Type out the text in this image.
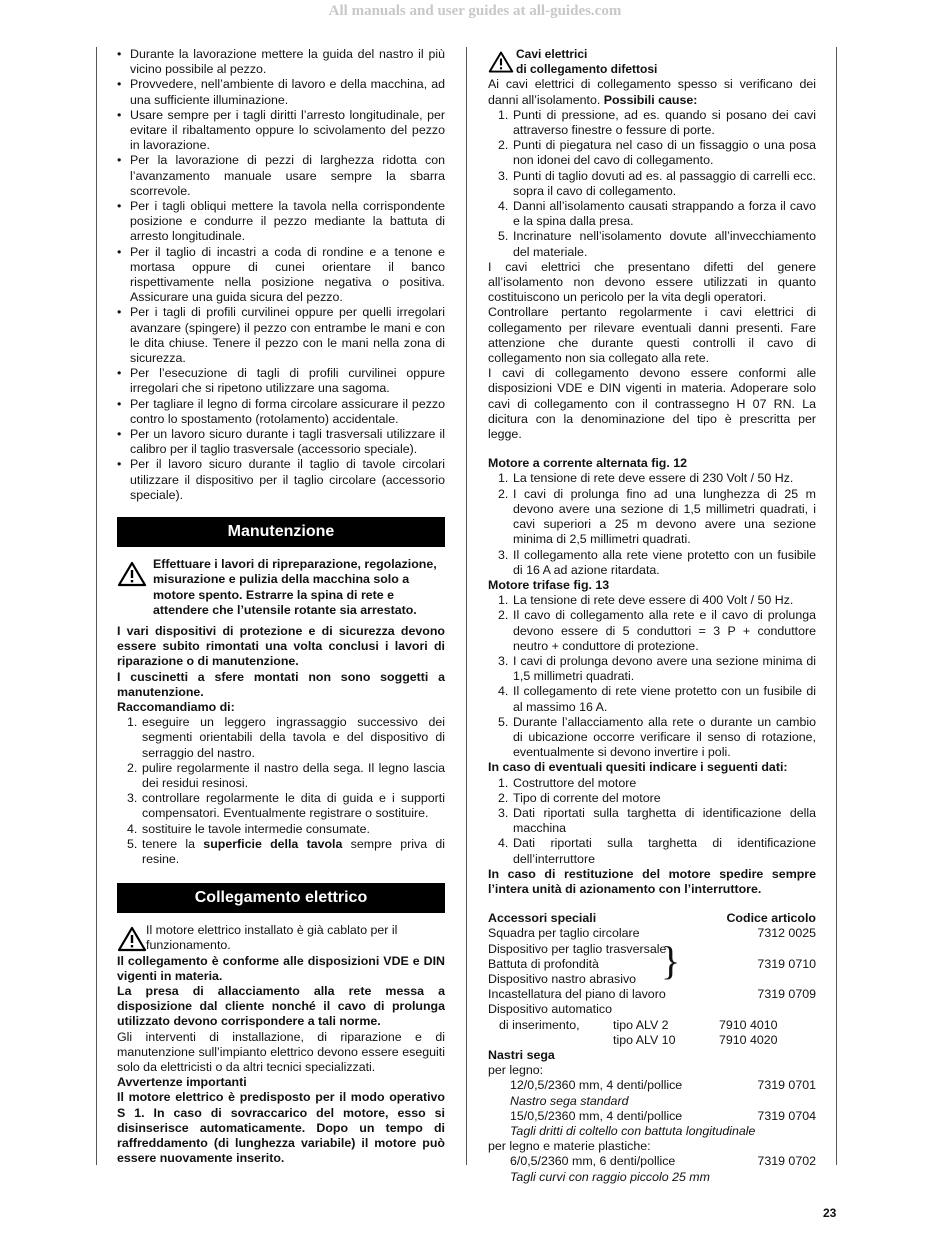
All manuals and user guides at all-guides.com
• Durante la lavorazione mettere la guida del nastro il più vicino possibile al pezzo.
• Provvedere, nell’ambiente di lavoro e della macchina, ad una sufficiente illuminazione.
• Usare sempre per i tagli diritti l’arresto longitudinale, per evitare il ribaltamento oppure lo scivolamento del pezzo in lavorazione.
• Per la lavorazione di pezzi di larghezza ridotta con l’avanzamento manuale usare sempre la sbarra scorrevole.
• Per i tagli obliqui mettere la tavola nella corrispondente posizione e condurre il pezzo mediante la battuta di arresto longitudinale.
• Per il taglio di incastri a coda di rondine e a tenone e mortasa oppure di cunei orientare il banco rispettivamente nella posizione negativa o positiva. Assicurare una guida sicura del pezzo.
• Per i tagli di profili curvilinei oppure per quelli irregolari avanzare (spingere) il pezzo con entrambe le mani e con le dita chiuse. Tenere il pezzo con le mani nella zona di sicurezza.
• Per l’esecuzione di tagli di profili curvilinei oppure irregolari che si ripetono utilizzare una sagoma.
• Per tagliare il legno di forma circolare assicurare il pezzo contro lo spostamento (rotolamento) accidentale.
• Per un lavoro sicuro durante i tagli trasversali utilizzare il calibro per il taglio trasversale (accessorio speciale).
• Per il lavoro sicuro durante il taglio di tavole circolari utilizzare il dispositivo per il taglio circolare (accessorio speciale).
Manutenzione
Effettuare i lavori di ripreparazione, regolazione, misurazione e pulizia della macchina solo a motore spento. Estrarre la spina di rete e attendere che l’utensile rotante sia arrestato.

I vari dispositivi di protezione e di sicurezza devono essere subito rimontati una volta conclusi i lavori di riparazione o di manutenzione.

I cuscinetti a sfere montati non sono soggetti a manutenzione.

Raccomandiamo di:

1. eseguire un leggero ingrassaggio successivo dei segmenti orientabili della tavola e del dispositivo di serraggio del nastro.
2. pulire regolarmente il nastro della sega. Il legno lascia dei residui resinosi.
3. controllare regolarmente le dita di guida e i supporti compensatori. Eventualmente registrare o sostituire.
4. sostituire le tavole intermedie consumate.
5. tenere la superficie della tavola sempre priva di resine.
Collegamento elettrico
Il motore elettrico installato è già cablato per il funzionamento.

Il collegamento è conforme alle disposizioni VDE e DIN vigenti in materia.

La presa di allacciamento alla rete messa a disposizione dal cliente nonché il cavo di prolunga utilizzato devono corrispondere a tali norme.

Gli interventi di installazione, di riparazione e di manutenzione sull’impianto elettrico devono essere eseguiti solo da elettricisti o da altri tecnici specializzati.

Avvertenze importanti

Il motore elettrico è predisposto per il modo operativo S 1. In caso di sovraccarico del motore, esso si disinserisce automaticamente. Dopo un tempo di raffreddamento (di lunghezza variabile) il motore può essere nuovamente inserito.

Cavi elettrici
di collegamento difettosi

Ai cavi elettrici di collegamento spesso si verificano dei danni all’isolamento. Possibili cause:

1. Punti di pressione, ad es. quando si posano dei cavi attraverso finestre o fessure di porte.
2. Punti di piegatura nel caso di un fissaggio o una posa non idonei del cavo di collegamento.
3. Punti di taglio dovuti ad es. al passaggio di carrelli ecc. sopra il cavo di collegamento.
4. Danni all’isolamento causati strappando a forza il cavo e la spina dalla presa.
5. Incrinature nell’isolamento dovute all’invecchiamento del materiale.

I cavi elettrici che presentano difetti del genere all’isolamento non devono essere utilizzati in quanto costituiscono un pericolo per la vita degli operatori.

Controllare pertanto regolarmente i cavi elettrici di collegamento per rilevare eventuali danni presenti. Fare attenzione che durante questi controlli il cavo di collegamento non sia collegato alla rete.

I cavi di collegamento devono essere conformi alle disposizioni VDE e DIN vigenti in materia. Adoperare solo cavi di collegamento con il contrassegno H 07 RN. La dicitura con la denominazione del tipo è prescritta per legge.

Motore a corrente alternata fig. 12

1. La tensione di rete deve essere di 230 Volt / 50 Hz.
2. I cavi di prolunga fino ad una lunghezza di 25 m devono avere una sezione di 1,5 millimetri quadrati, i cavi superiori a 25 m devono avere una sezione minima di 2,5 millimetri quadrati.
3. Il collegamento alla rete viene protetto con un fusibile di 16 A ad azione ritardata.

Motore trifase fig. 13

1. La tensione di rete deve essere di 400 Volt / 50 Hz.
2. Il cavo di collegamento alla rete e il cavo di prolunga devono essere di 5 conduttori = 3 P + conduttore neutro + conduttore di protezione.
3. I cavi di prolunga devono avere una sezione minima di 1,5 millimetri quadrati.
4. Il collegamento di rete viene protetto con un fusibile di al massimo 16 A.
5. Durante l’allacciamento alla rete o durante un cambio di ubicazione occorre verificare il senso di rotazione, eventualmente si devono invertire i poli.

In caso di eventuali quesiti indicare i seguenti dati:

1. Costruttore del motore
2. Tipo di corrente del motore
3. Dati riportati sulla targhetta di identificazione della macchina
4. Dati riportati sulla targhetta di identificazione dell’interruttore

In caso di restituzione del motore spedire sempre l’intera unità di azionamento con l’interruttore.

Accessori speciali	Codice articolo
Squadra per taglio circolare	7312 0025
Dispositivo per taglio trasversale
Battuta di profondità	7319 0710
Dispositivo nastro abrasivo }
Incastellatura del piano di lavoro	7319 0709
Dispositivo automatico
di inserimento,	tipo ALV 2	7910 4010
tipo ALV 10	7910 4020

Nastri sega

per legno:

12/0,5/2360 mm, 4 denti/pollice	7319 0701

Nastro sega standard

15/0,5/2360 mm, 4 denti/pollice	7319 0704

Tagli dritti di coltello con battuta longitudinale

per legno e materie plastiche:

6/0,5/2360 mm, 6 denti/pollice	7319 0702

Tagli curvi con raggio piccolo 25 mm

23
